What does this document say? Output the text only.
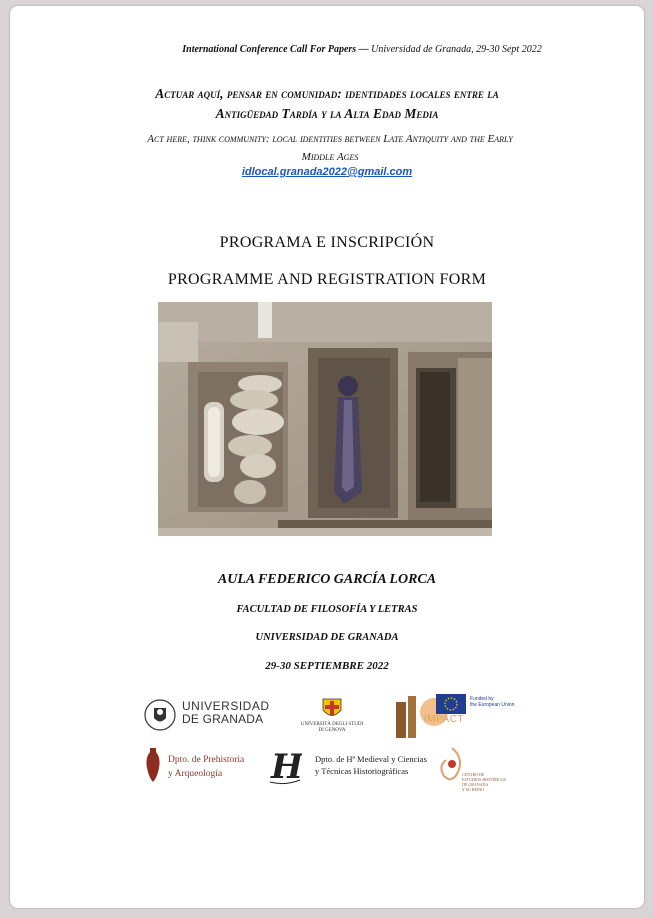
International Conference Call For Papers — Universidad de Granada, 29-30 Sept 2022
Actuar aquí, pensar en comunidad: identidades locales entre la
Antigüedad Tardía y la Alta Edad Media
Act here, think community: local identities between Late Antiquity and the Early
Middle Ages
idlocal.granada2022@gmail.com
PROGRAMA E INSCRIPCIÓN
PROGRAMME AND REGISTRATION FORM
AULA FEDERICO GARCÍA LORCA
FACULTAD DE FILOSOFÍA Y LETRAS
UNIVERSIDAD DE GRANADA
29-30 SEPTIEMBRE 2022
UNIVERSIDAD
DE GRANADA	UNIVERSITÀ DEGLI STUDI
DI GENOVA
IMPACT
Funded by
the European Union
Dpto. de Prehistoria
y Arqueología	H Dpto. de Hª Medieval y Ciencias
y Técnicas Historiográficas	CENTRO DE
ESTUDIOS HISTÓRICOS
DE GRANADA
Y SU REINO
